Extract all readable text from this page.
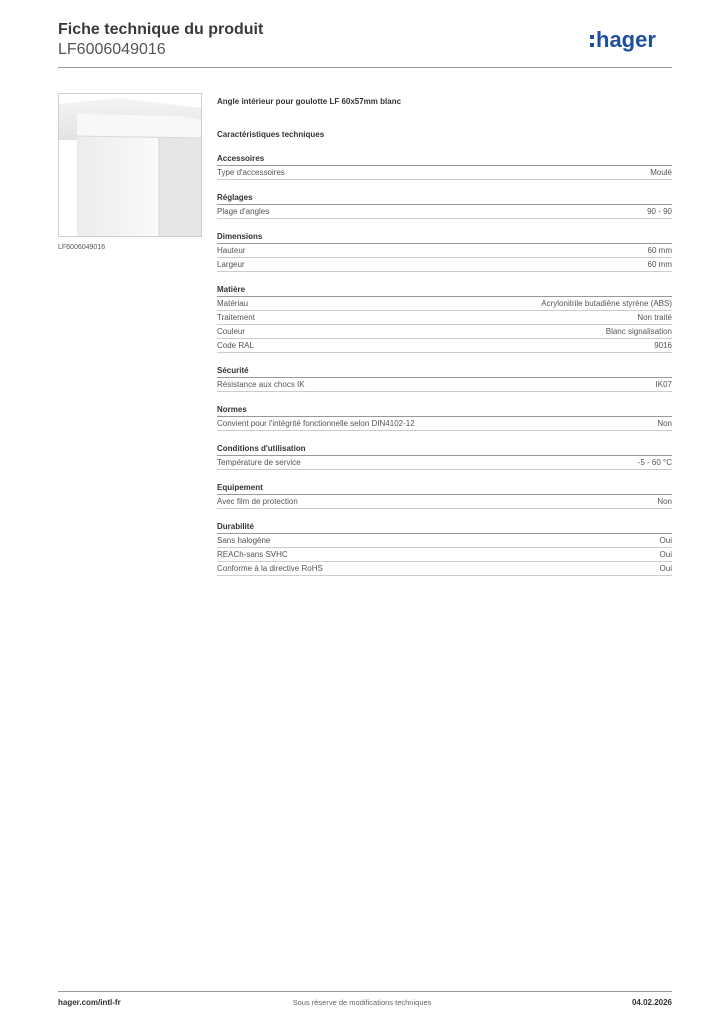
Fiche technique du produit
LF6006049016	hager
LF6006049016
Angle intérieur pour goulotte LF 60x57mm blanc
Caractéristiques techniques
Accessoires
Type d'accessoires	Moulé
Réglages
Plage d'angles	90 - 90
Dimensions
Hauteur	60 mm
Largeur	60 mm
Matière
Matériau	Acrylonitrile butadiène styrène (ABS)
Traitement	Non traité
Couleur	Blanc signalisation
Code RAL	9016
Sécurité
Résistance aux chocs IK	IK07
Normes
Convient pour l'intégrité fonctionnelle selon DIN4102-12	Non
Conditions d'utilisation
Température de service	-5 - 60 °C
Equipement
Avec film de protection	Non
Durabilité
Sans halogène	Oui
REACh-sans SVHC	Oui
Conforme à la directive RoHS	Oui
hager.com/intl-fr	Sous réserve de modifications techniques	04.02.2026
